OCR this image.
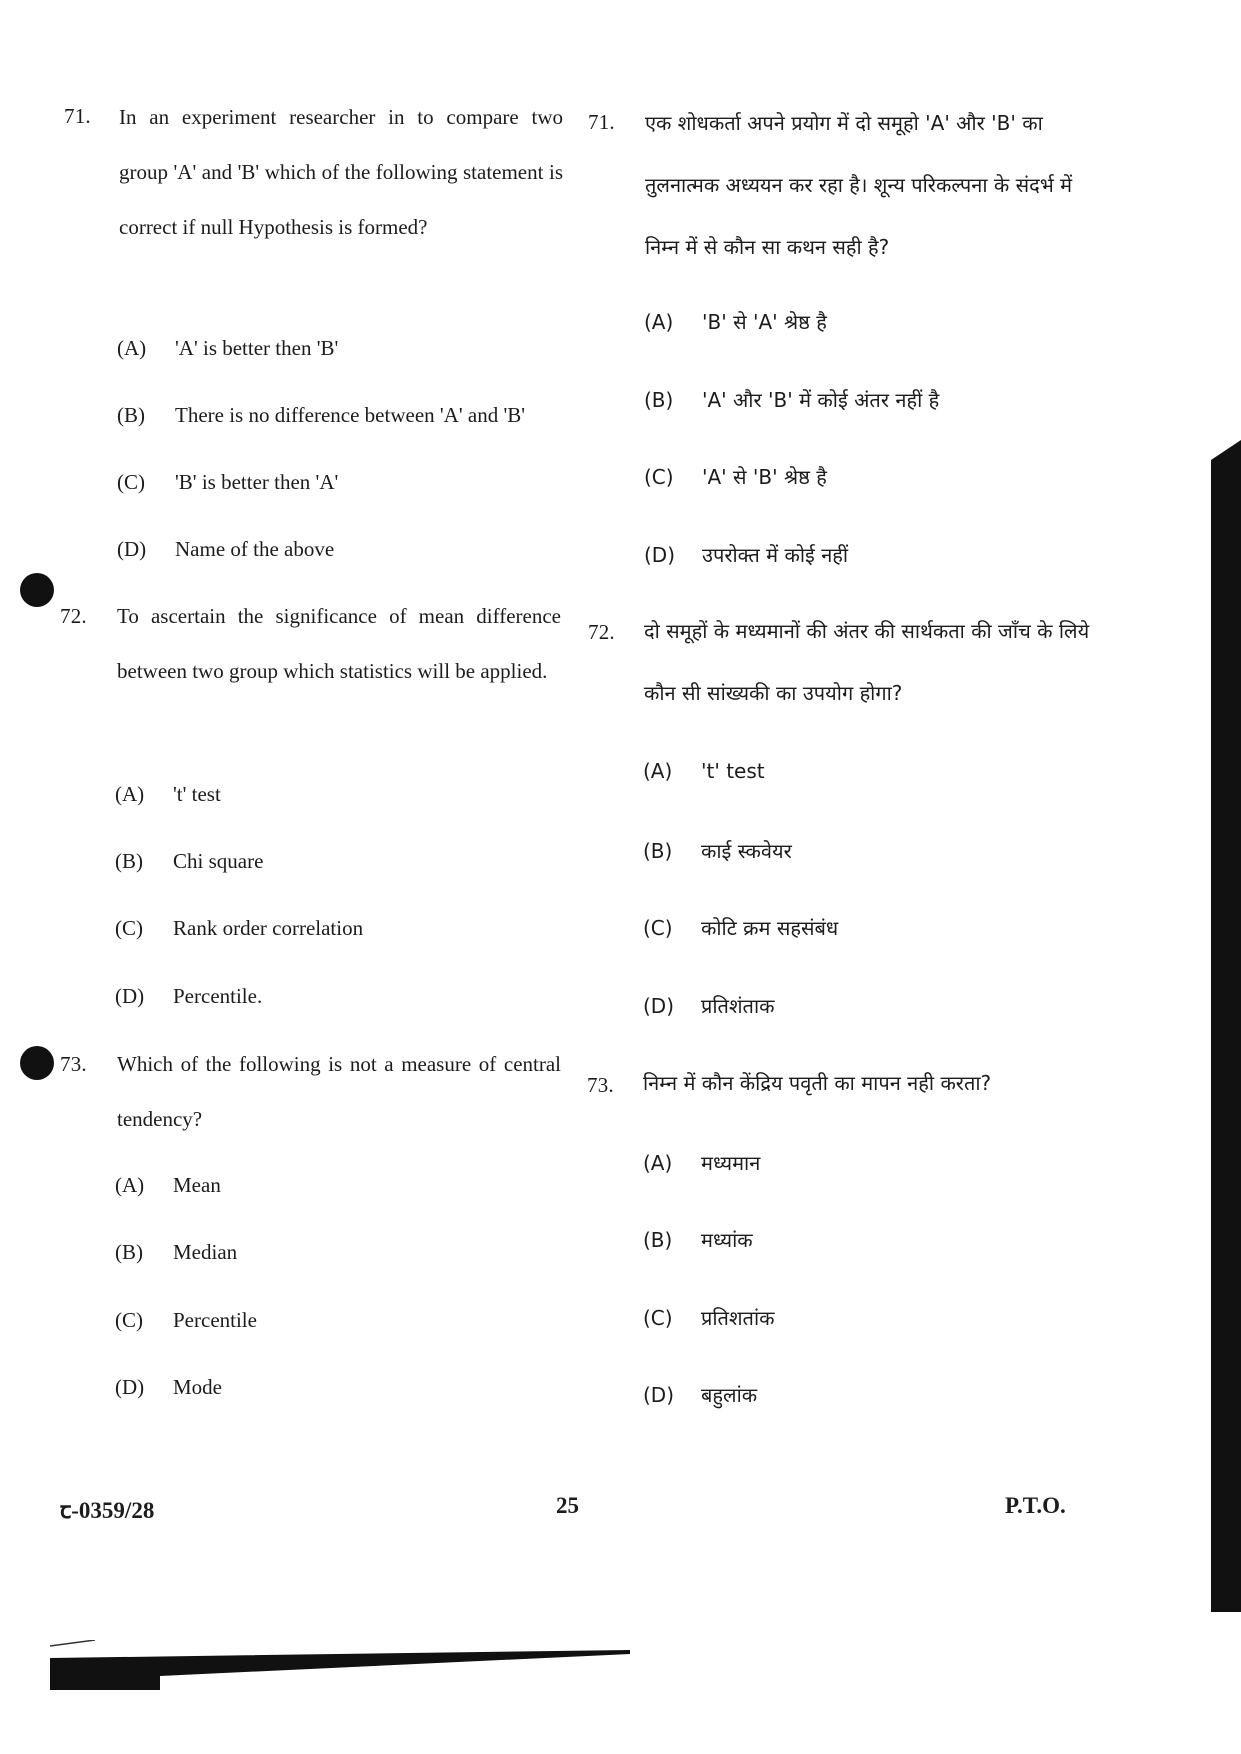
71. In an experiment researcher in to compare two group 'A' and 'B' which of the following statement is correct if null Hypothesis is formed?
(A) 'A' is better then 'B'
(B) There is no difference between 'A' and 'B'
(C) 'B' is better then 'A'
(D) Name of the above
72. To ascertain the significance of mean difference between two group which statistics will be applied.
(A) 't' test
(B) Chi square
(C) Rank order correlation
(D) Percentile.
73. Which of the following is not a measure of central tendency?
(A) Mean
(B) Median
(C) Percentile
(D) Mode
71. एक शोधकर्ता अपने प्रयोग में दो समूहो 'A' और 'B' का तुलनात्मक अध्ययन कर रहा है। शून्य परिकल्पना के संदर्भ में निम्न में से कौन सा कथन सही है?
(A) 'B' से 'A' श्रेष्ठ है
(B) 'A' और 'B' में कोई अंतर नहीं है
(C) 'A' से 'B' श्रेष्ठ है
(D) उपरोक्त में कोई नहीं
72. दो समूहों के मध्यमानों की अंतर की सार्थकता की जाँच के लिये कौन सी सांख्यकी का उपयोग होगा?
(A) 't' test
(B) काई स्कवेयर
(C) कोटि क्रम सहसंबंध
(D) प्रतिशंताक
73. निम्न में कौन केंद्रिय पवृती का मापन नही करता?
(A) मध्यमान
(B) मध्यांक
(C) प्रतिशतांक
(D) बहुलांक
ꞇ-0359/28	25	P.T.O.
